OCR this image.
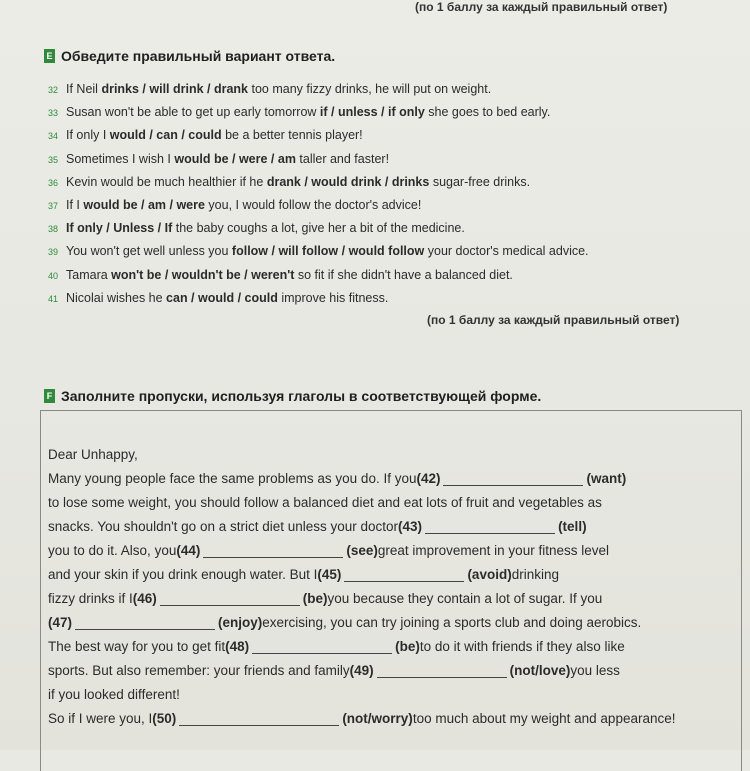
(по 1 баллу за каждый правильный ответ)
E Обведите правильный вариант ответа.
32 If Neil drinks / will drink / drank too many fizzy drinks, he will put on weight.
33 Susan won't be able to get up early tomorrow if / unless / if only she goes to bed early.
34 If only I would / can / could be a better tennis player!
35 Sometimes I wish I would be / were / am taller and faster!
36 Kevin would be much healthier if he drank / would drink / drinks sugar-free drinks.
37 If I would be / am / were you, I would follow the doctor's advice!
38 If only / Unless / If the baby coughs a lot, give her a bit of the medicine.
39 You won't get well unless you follow / will follow / would follow your doctor's medical advice.
40 Tamara won't be / wouldn't be / weren't so fit if she didn't have a balanced diet.
41 Nicolai wishes he can / would / could improve his fitness.
(по 1 баллу за каждый правильный ответ)
F Заполните пропуски, используя глаголы в соответствующей форме.
Dear Unhappy,
Many young people face the same problems as you do. If you (42)	(want)
to lose some weight, you should follow a balanced diet and eat lots of fruit and vegetables as
snacks. You shouldn't go on a strict diet unless your doctor (43)	(tell)
you to do it. Also, you (44)	(see) great improvement in your fitness level
and your skin if you drink enough water. But I (45)	(avoid) drinking
fizzy drinks if I (46)	(be) you because they contain a lot of sugar. If you
(47)	(enjoy) exercising, you can try joining a sports club and doing aerobics.
The best way for you to get fit (48)	(be) to do it with friends if they also like
sports. But also remember: your friends and family (49)	(not/love) you less
if you looked different!
So if I were you, I (50)	(not/worry) too much about my weight and appearance!
